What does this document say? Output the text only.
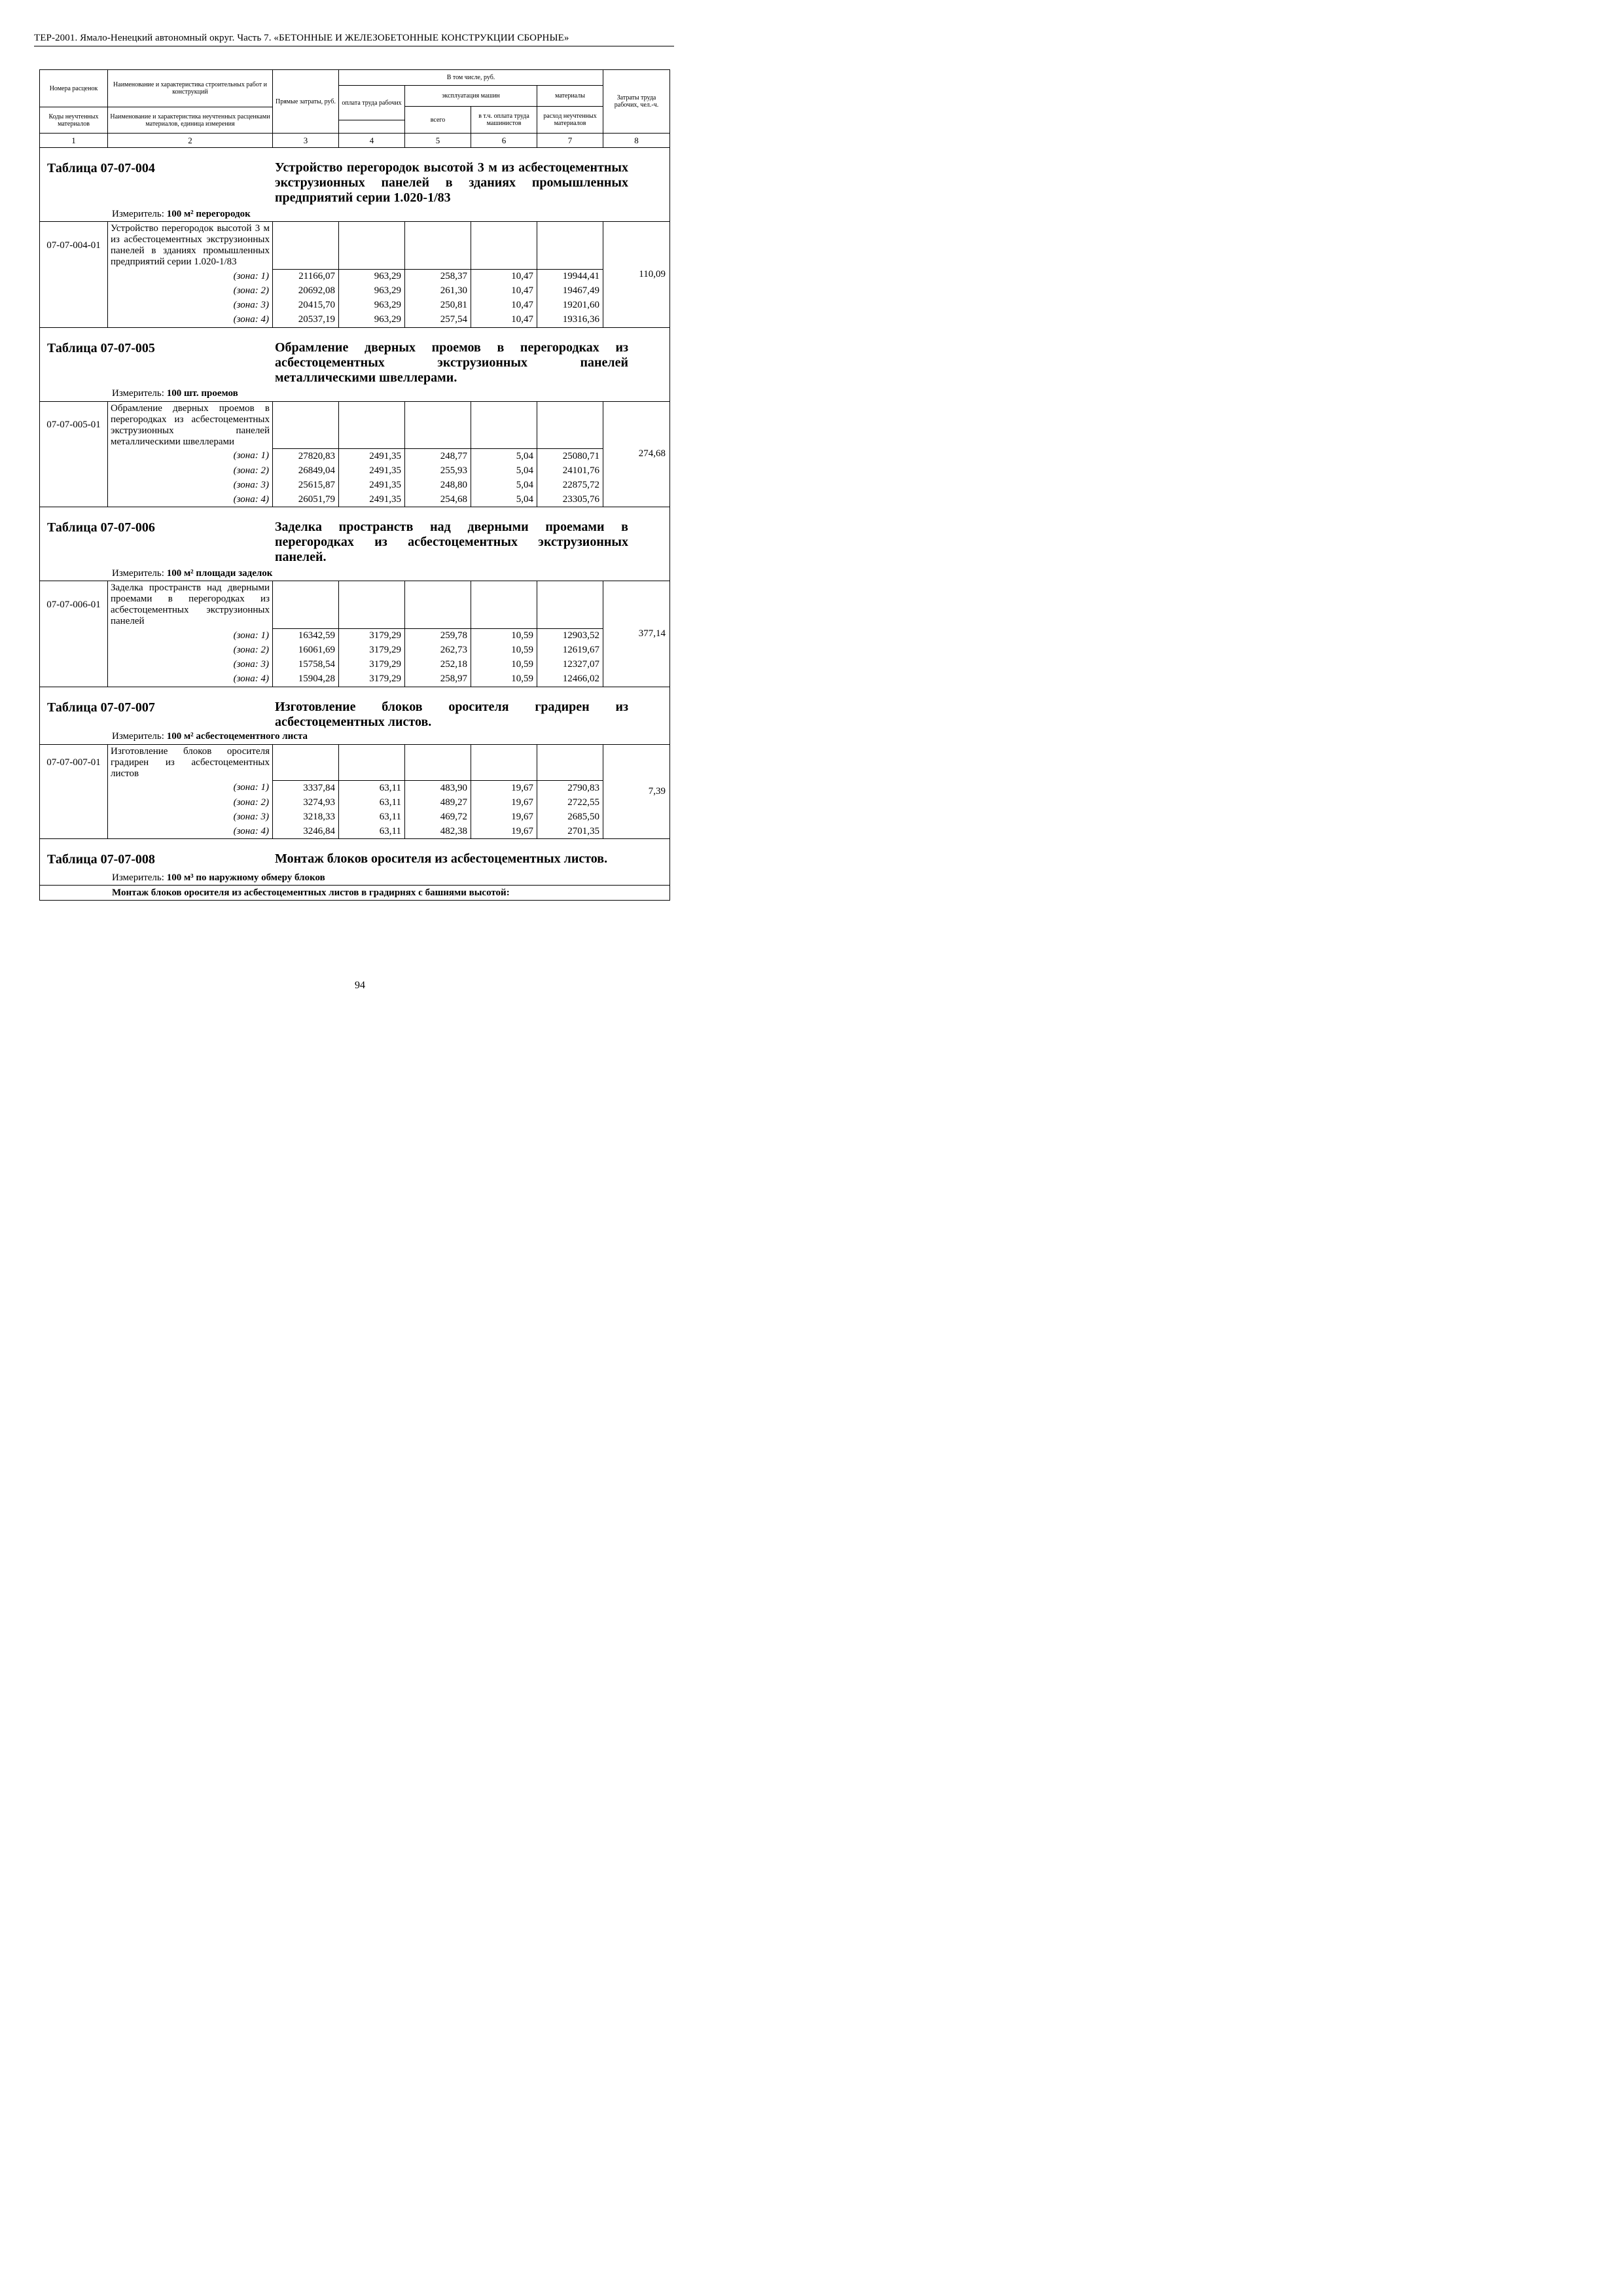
ТЕР-2001. Ямало-Ненецкий автономный округ. Часть 7. «БЕТОННЫЕ И ЖЕЛЕЗОБЕТОННЫЕ КОНСТРУКЦИИ СБОРНЫЕ»
Номера расценок	Наименование и характеристика строительных работ и конструкций	Прямые затраты, руб.	В том числе, руб.				Затраты труда рабочих, чел.-ч.
			оплата труда рабочих	эксплуатация машин		материалы	
				всего	в т.ч. оплата труда машинистов	расход неучтенных материалов	
Коды неучтенных материалов	Наименование и характеристика неучтенных расценками материалов, единица измерения						

1	2	3	4	5	6	7	8

Таблица 07-07-004 Устройство перегородок высотой 3 м из асбестоцементных экструзионных панелей в зданиях промышленных предприятий серии 1.020-1/83							

Измеритель: 100 м² перегородок							
07-07-004-01	Устройство перегородок высотой 3 м из асбестоцементных экструзионных панелей в зданиях промышленных предприятий серии 1.020-1/83						110,09
	(зона: 1)	21166,07	963,29	258,37	10,47	19944,41	
	(зона: 2)	20692,08	963,29	261,30	10,47	19467,49	
	(зона: 3)	20415,70	963,29	250,81	10,47	19201,60	
	(зона: 4)	20537,19	963,29	257,54	10,47	19316,36	

Таблица 07-07-005 Обрамление дверных проемов в перегородках из асбестоцементных экструзионных панелей металлическими швеллерами.							

Измеритель: 100 шт. проемов							
07-07-005-01	Обрамление дверных проемов в перегородках из асбестоцементных экструзионных панелей металлическими швеллерами						274,68
	(зона: 1)	27820,83	2491,35	248,77	5,04	25080,71	
	(зона: 2)	26849,04	2491,35	255,93	5,04	24101,76	
	(зона: 3)	25615,87	2491,35	248,80	5,04	22875,72	
	(зона: 4)	26051,79	2491,35	254,68	5,04	23305,76	

Таблица 07-07-006 Заделка пространств над дверными проемами в перегородках из асбестоцементных экструзионных панелей.							

Измеритель: 100 м² площади заделок							
07-07-006-01	Заделка пространств над дверными проемами в перегородках из асбестоцементных экструзионных панелей						377,14
	(зона: 1)	16342,59	3179,29	259,78	10,59	12903,52	
	(зона: 2)	16061,69	3179,29	262,73	10,59	12619,67	
	(зона: 3)	15758,54	3179,29	252,18	10,59	12327,07	
	(зона: 4)	15904,28	3179,29	258,97	10,59	12466,02	

Таблица 07-07-007 Изготовление блоков оросителя градирен из асбестоцементных листов.							

Измеритель: 100 м² асбестоцементного листа							
07-07-007-01	Изготовление блоков оросителя градирен из асбестоцементных листов						7,39
	(зона: 1)	3337,84	63,11	483,90	19,67	2790,83	
	(зона: 2)	3274,93	63,11	489,27	19,67	2722,55	
	(зона: 3)	3218,33	63,11	469,72	19,67	2685,50	
	(зона: 4)	3246,84	63,11	482,38	19,67	2701,35	

Таблица 07-07-008 Монтаж блоков оросителя из асбестоцементных листов.							

Измеритель: 100 м³ по наружному обмеру блоков							
Монтаж блоков оросителя из асбестоцементных листов в градирнях с башнями высотой:							
94
